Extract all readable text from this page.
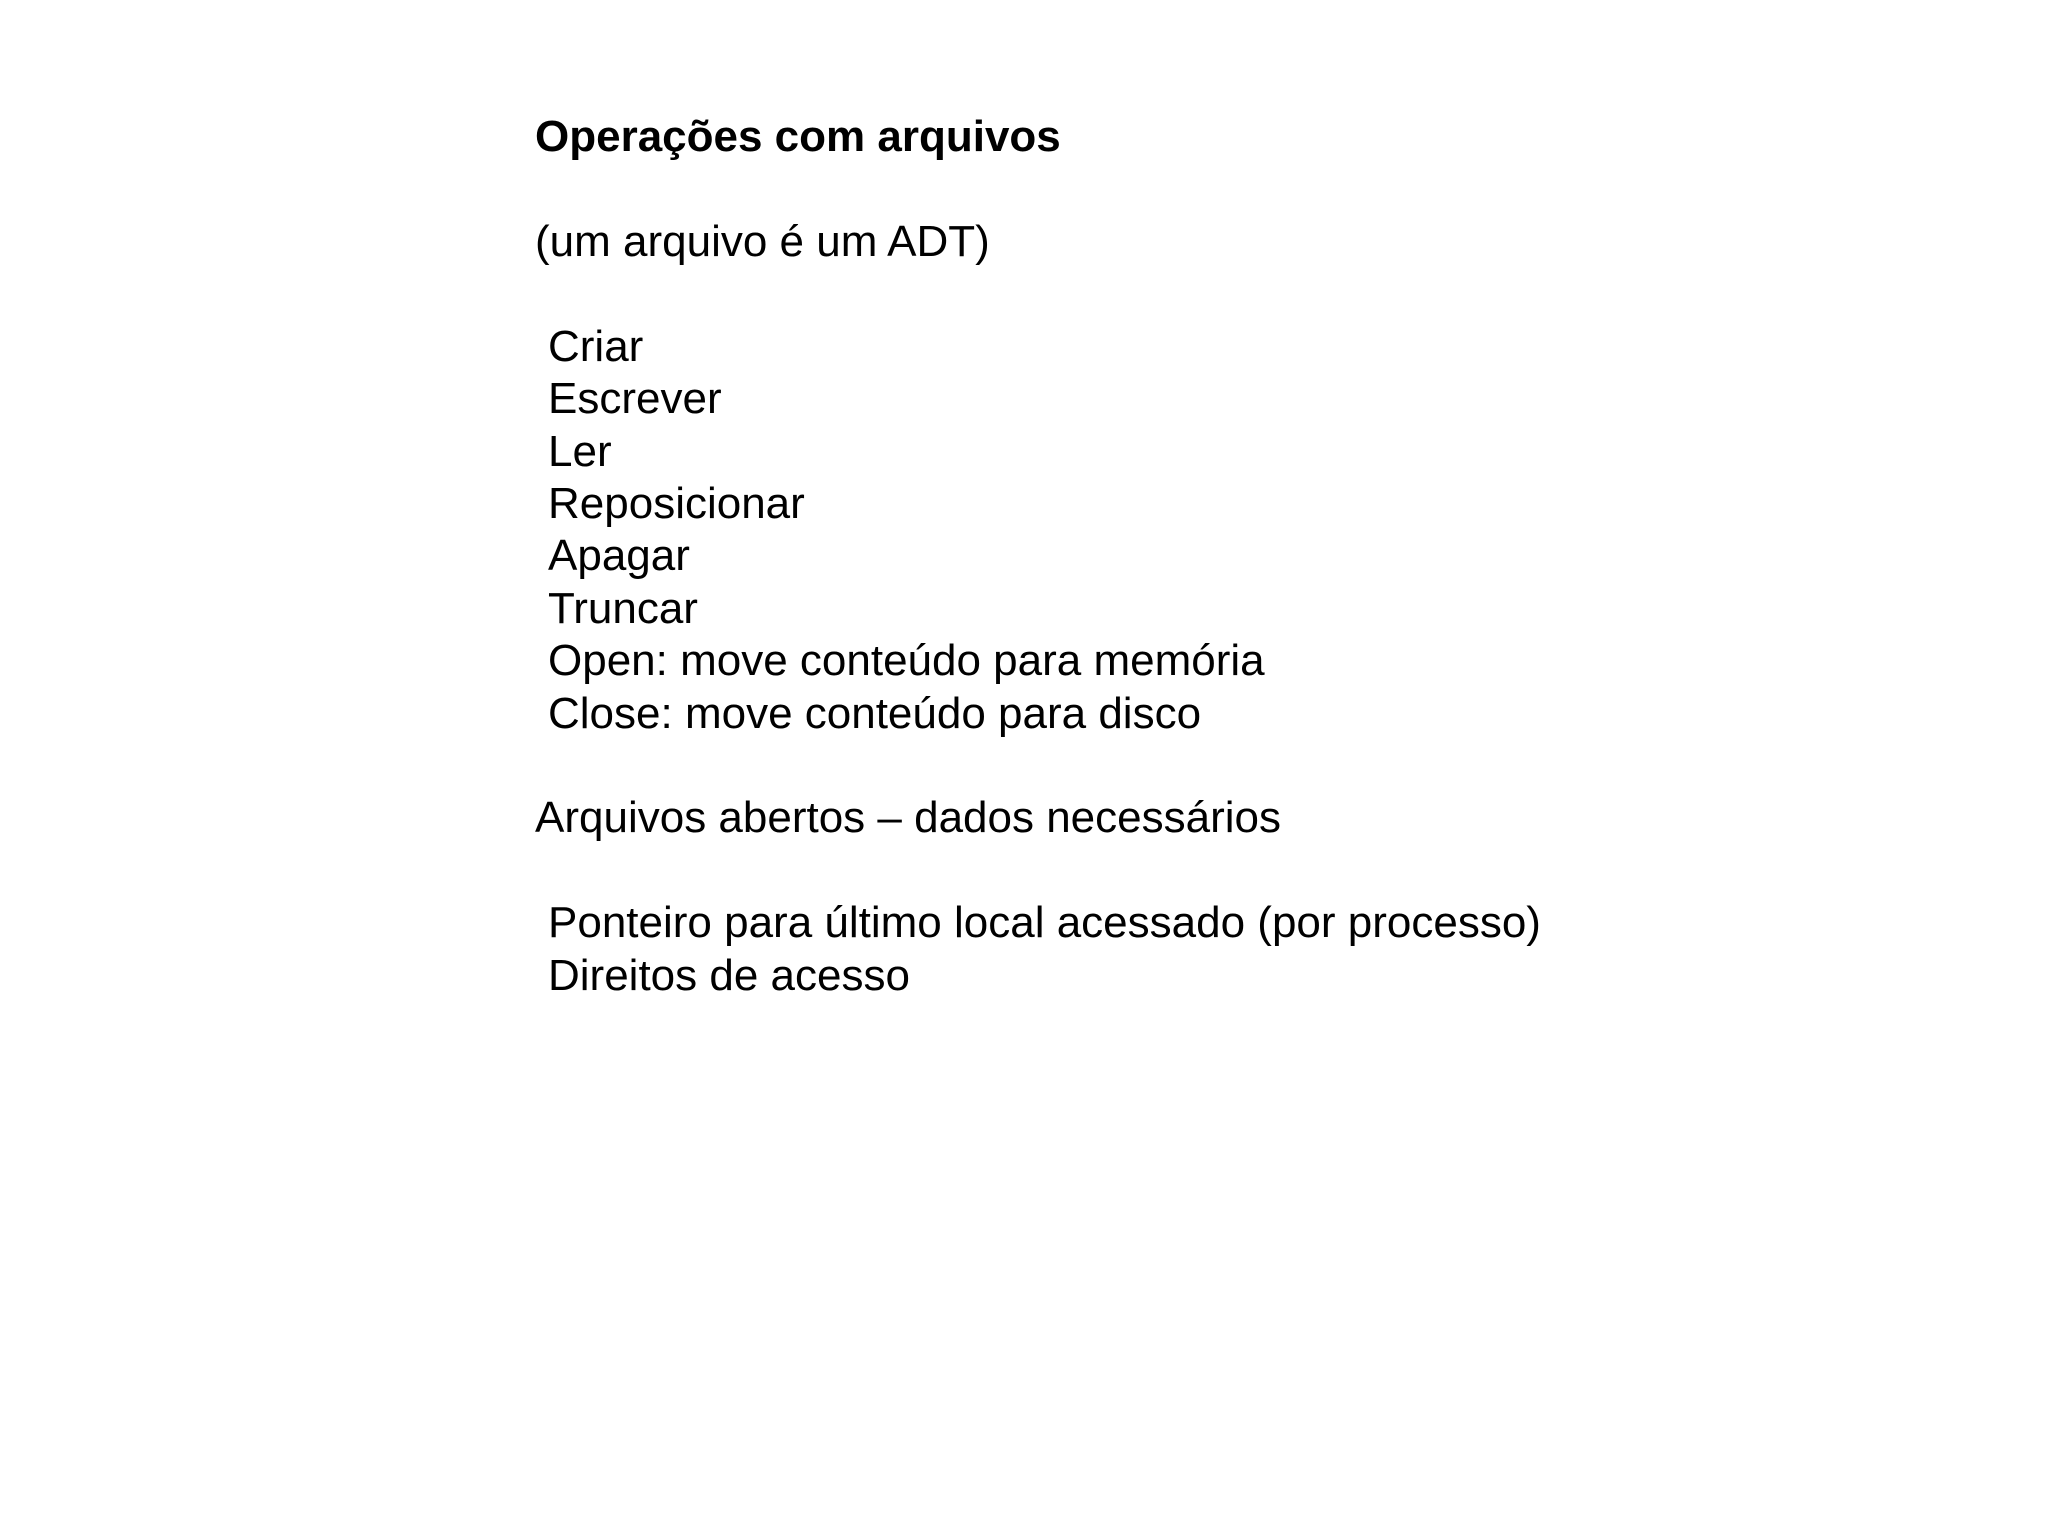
Operações com arquivos

(um arquivo é um ADT)

Criar

Escrever

Ler

Reposicionar

Apagar

Truncar

Open: move conteúdo para memória

Close: move conteúdo para disco

Arquivos abertos – dados necessários

Ponteiro para último local acessado (por processo)

Direitos de acesso
